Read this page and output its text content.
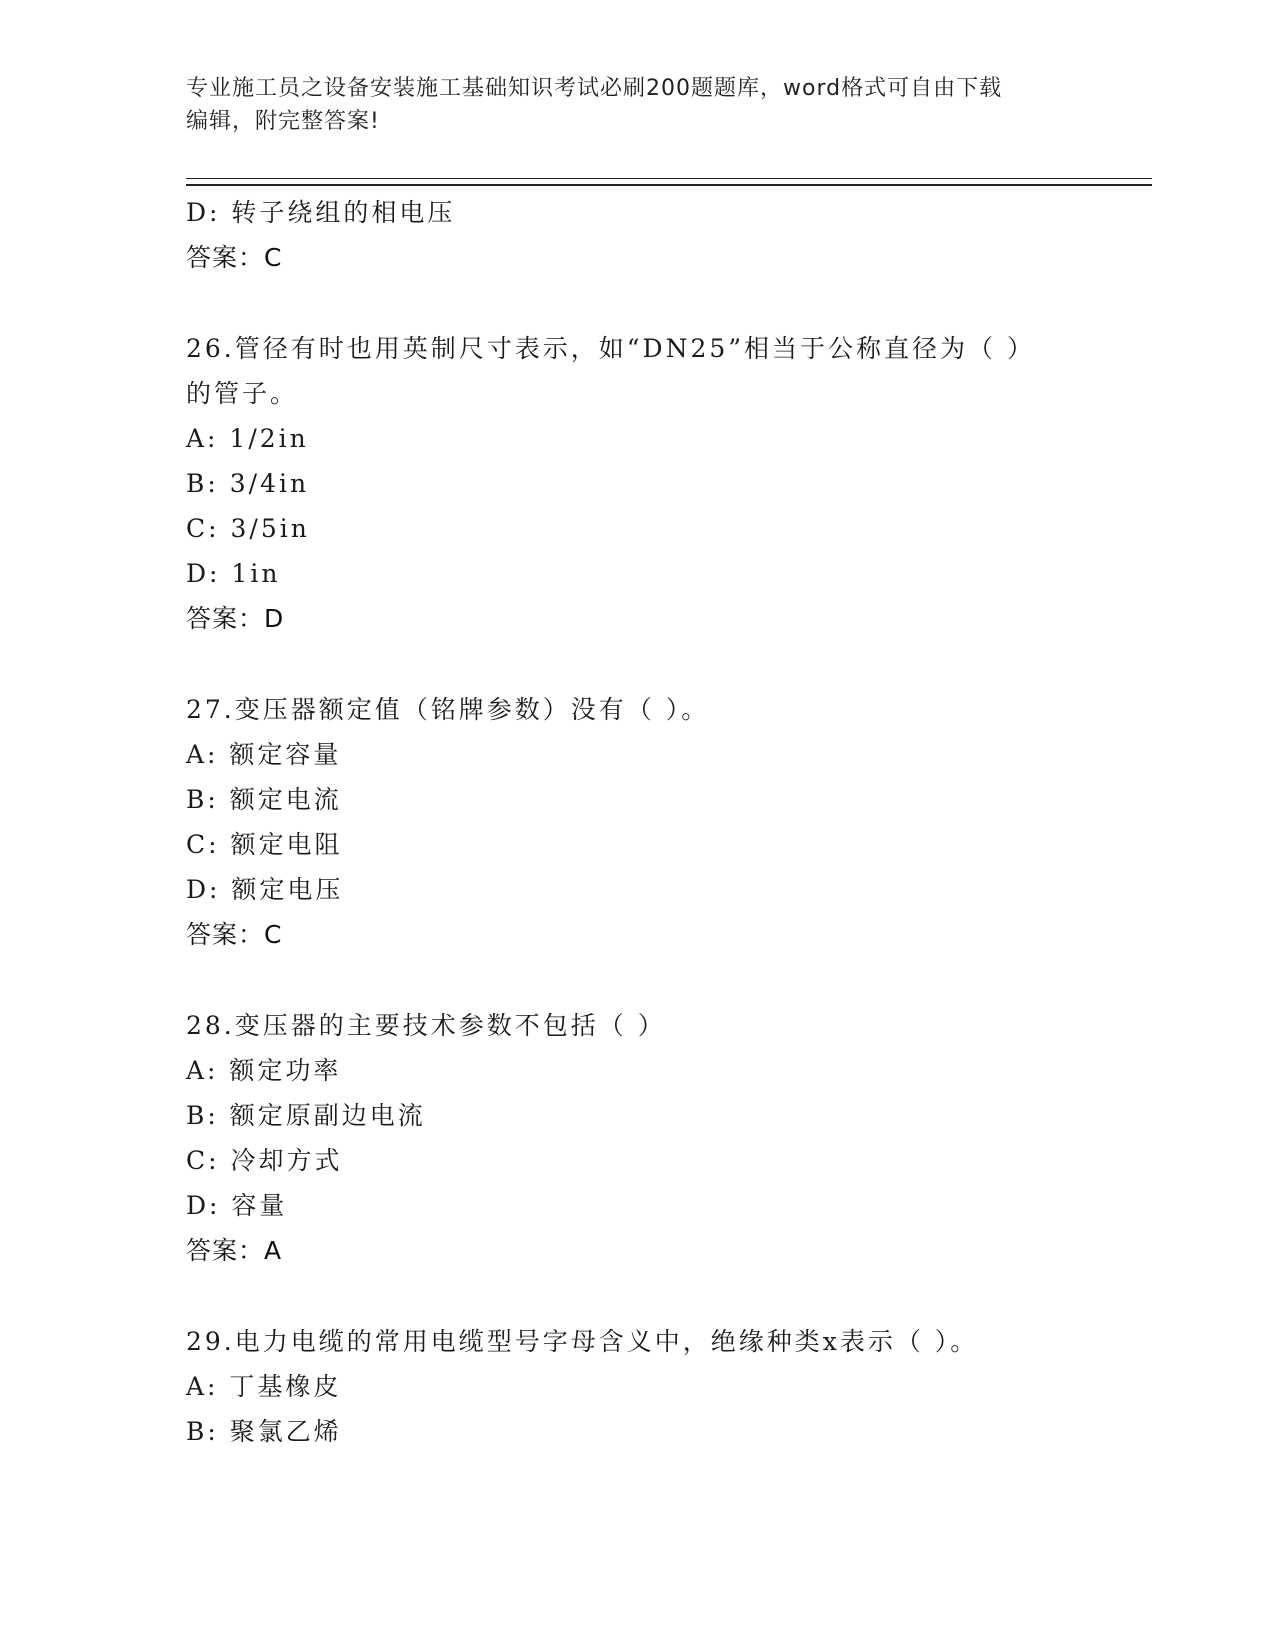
专业施工员之设备安装施工基础知识考试必刷200题题库，word格式可自由下载
编辑，附完整答案!
D: 转子绕组的相电压
答案：C
26.管径有时也用英制尺寸表示，如“DN25”相当于公称直径为（ ）
的管子。
A: 1/2in
B: 3/4in
C: 3/5in
D: 1in
答案：D
27.变压器额定值（铭牌参数）没有（ ）。
A: 额定容量
B: 额定电流
C: 额定电阻
D: 额定电压
答案：C
28.变压器的主要技术参数不包括（ ）
A: 额定功率
B: 额定原副边电流
C: 冷却方式
D: 容量
答案：A
29.电力电缆的常用电缆型号字母含义中，绝缘种类x表示（ ）。
A: 丁基橡皮
B: 聚氯乙烯
